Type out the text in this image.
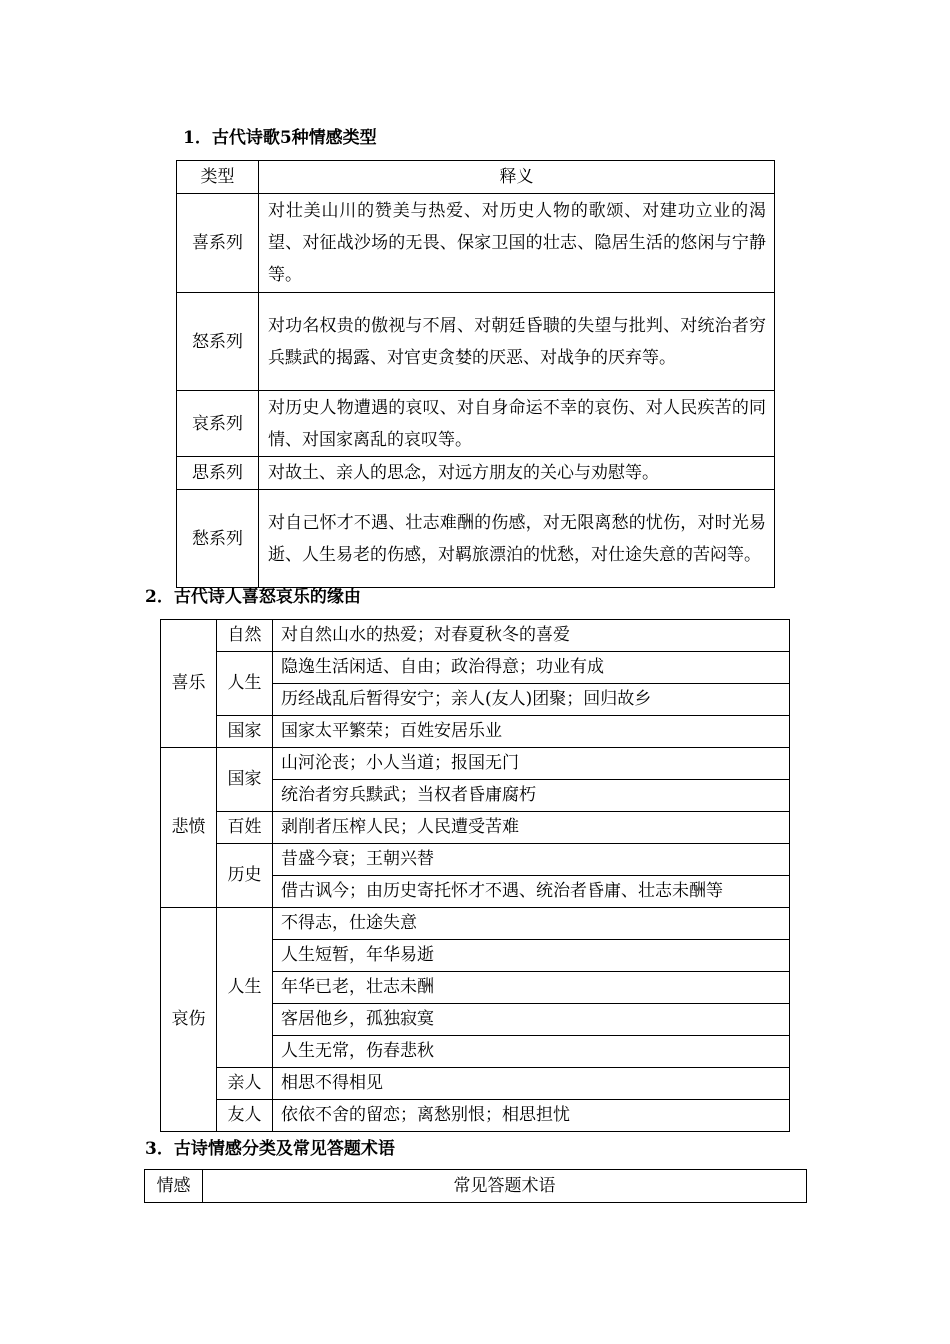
1．古代诗歌5种情感类型
类型	释义
喜系列	对壮美山川的赞美与热爱、对历史人物的歌颂、对建功立业的渴望、对征战沙场的无畏、保家卫国的壮志、隐居生活的悠闲与宁静等。
怒系列	对功名权贵的傲视与不屑、对朝廷昏聩的失望与批判、对统治者穷兵黩武的揭露、对官吏贪婪的厌恶、对战争的厌弃等。
哀系列	对历史人物遭遇的哀叹、对自身命运不幸的哀伤、对人民疾苦的同情、对国家离乱的哀叹等。
思系列	对故土、亲人的思念，对远方朋友的关心与劝慰等。
愁系列	对自己怀才不遇、壮志难酬的伤感，对无限离愁的忧伤，对时光易逝、人生易老的伤感，对羁旅漂泊的忧愁，对仕途失意的苦闷等。
2．古代诗人喜怒哀乐的缘由
喜乐	自然	对自然山水的热爱；对春夏秋冬的喜爱
	人生	隐逸生活闲适、自由；政治得意；功业有成
		历经战乱后暂得安宁；亲人(友人)团聚；回归故乡
	国家	国家太平繁荣；百姓安居乐业
悲愤	国家	山河沦丧；小人当道；报国无门
		统治者穷兵黩武；当权者昏庸腐朽
	百姓	剥削者压榨人民；人民遭受苦难
	历史	昔盛今衰；王朝兴替
		借古讽今；由历史寄托怀才不遇、统治者昏庸、壮志未酬等
哀伤	人生	不得志，仕途失意
		人生短暂，年华易逝
		年华已老，壮志未酬
		客居他乡，孤独寂寞
		人生无常，伤春悲秋
	亲人	相思不得相见
	友人	依依不舍的留恋；离愁别恨；相思担忧
3．古诗情感分类及常见答题术语
情感	常见答题术语
